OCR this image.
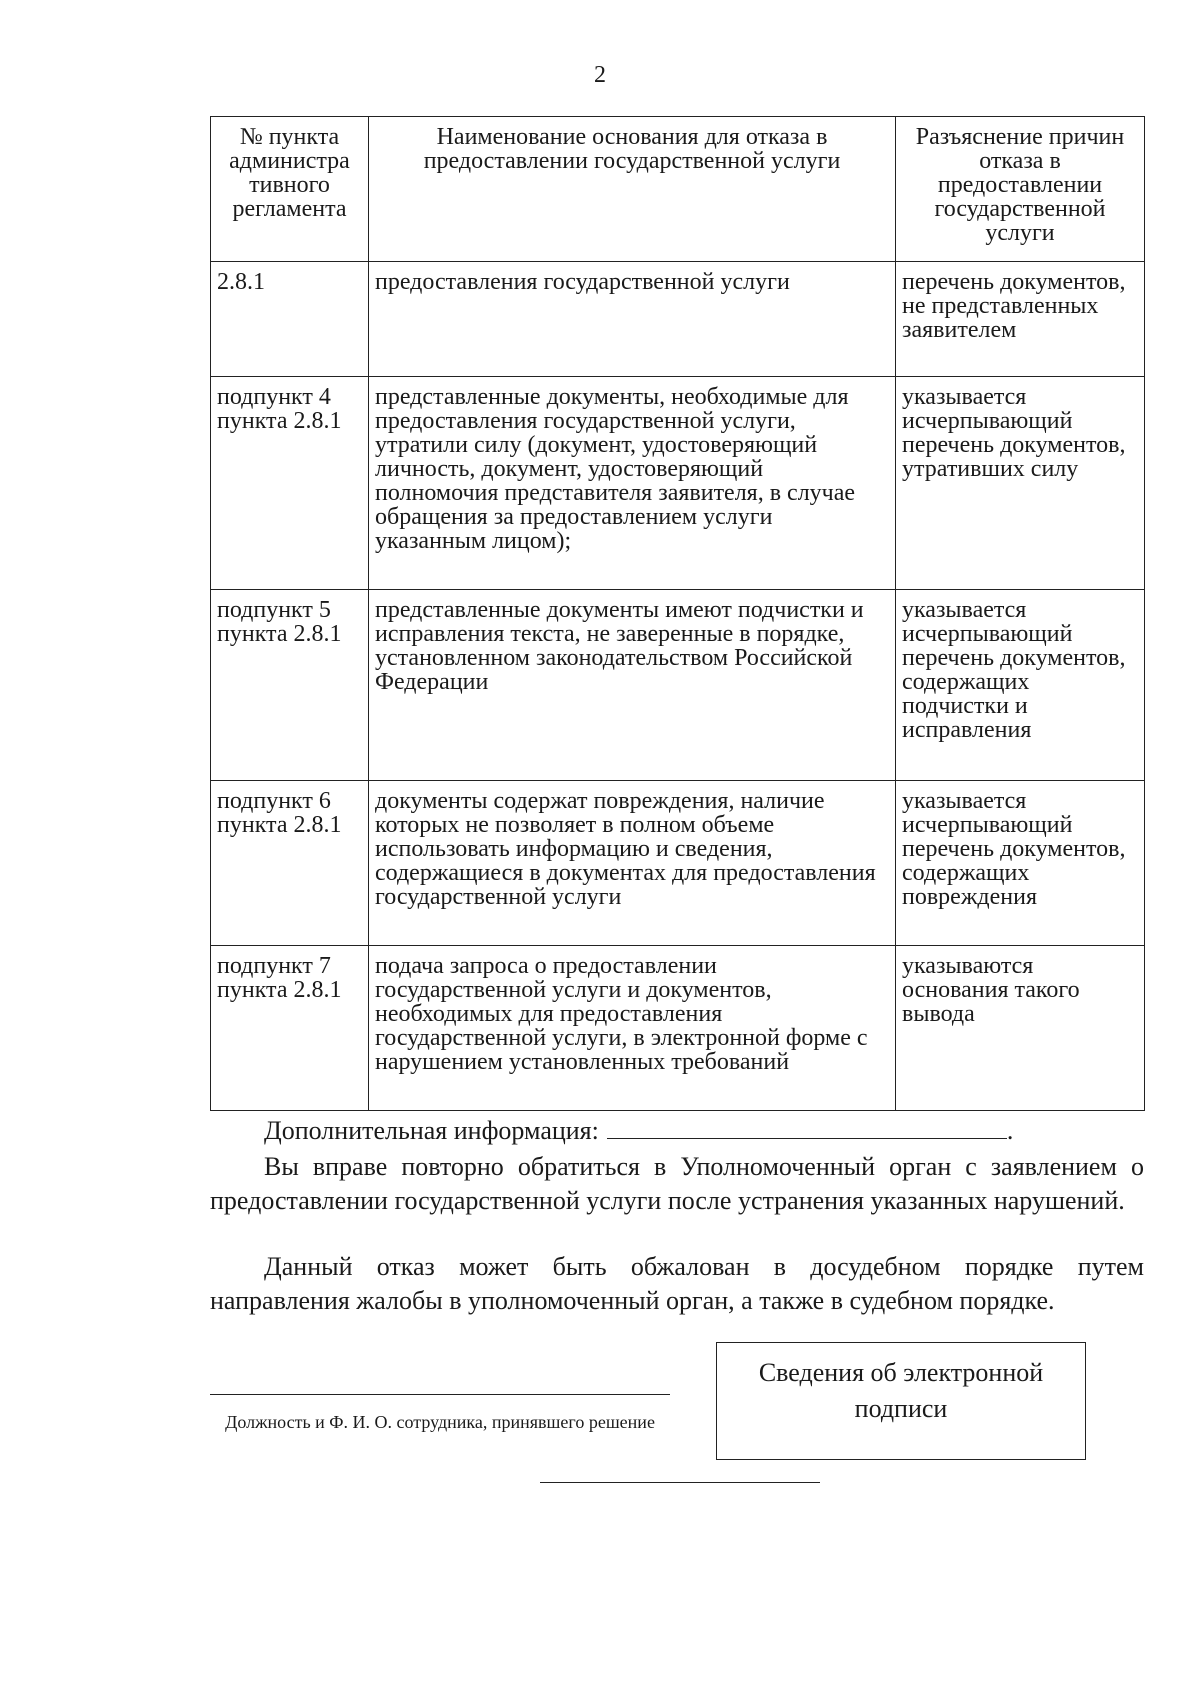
2
№ пункта администра тивного регламента	Наименование основания для отказа в предоставлении государственной услуги	Разъяснение причин отказа в предоставлении государственной услуги
2.8.1	предоставления государственной услуги	перечень документов, не представленных заявителем
подпункт 4 пункта 2.8.1	представленные документы, необходимые для предоставления государственной услуги, утратили силу (документ, удостоверяющий личность, документ, удостоверяющий полномочия представителя заявителя, в случае обращения за предоставлением услуги указанным лицом);	указывается исчерпывающий перечень документов, утративших силу
подпункт 5 пункта 2.8.1	представленные документы имеют подчистки и исправления текста, не заверенные в порядке, установленном законодательством Российской Федерации	указывается исчерпывающий перечень документов, содержащих подчистки и исправления
подпункт 6 пункта 2.8.1	документы содержат повреждения, наличие которых не позволяет в полном объеме использовать информацию и сведения, содержащиеся в документах для предоставления государственной услуги	указывается исчерпывающий перечень документов, содержащих повреждения
подпункт 7 пункта 2.8.1	подача запроса о предоставлении государственной услуги и документов, необходимых для предоставления государственной услуги, в электронной форме с нарушением установленных требований	указываются основания такого вывода
Дополнительная информация:	.
Вы вправе повторно обратиться в Уполномоченный орган с заявлением о предоставлении государственной услуги после устранения указанных нарушений.
Данный отказ может быть обжалован в досудебном порядке путем направления жалобы в уполномоченный орган, а также в судебном порядке.
Должность и Ф. И. О. сотрудника, принявшего решение
Сведения об электронной подписи
